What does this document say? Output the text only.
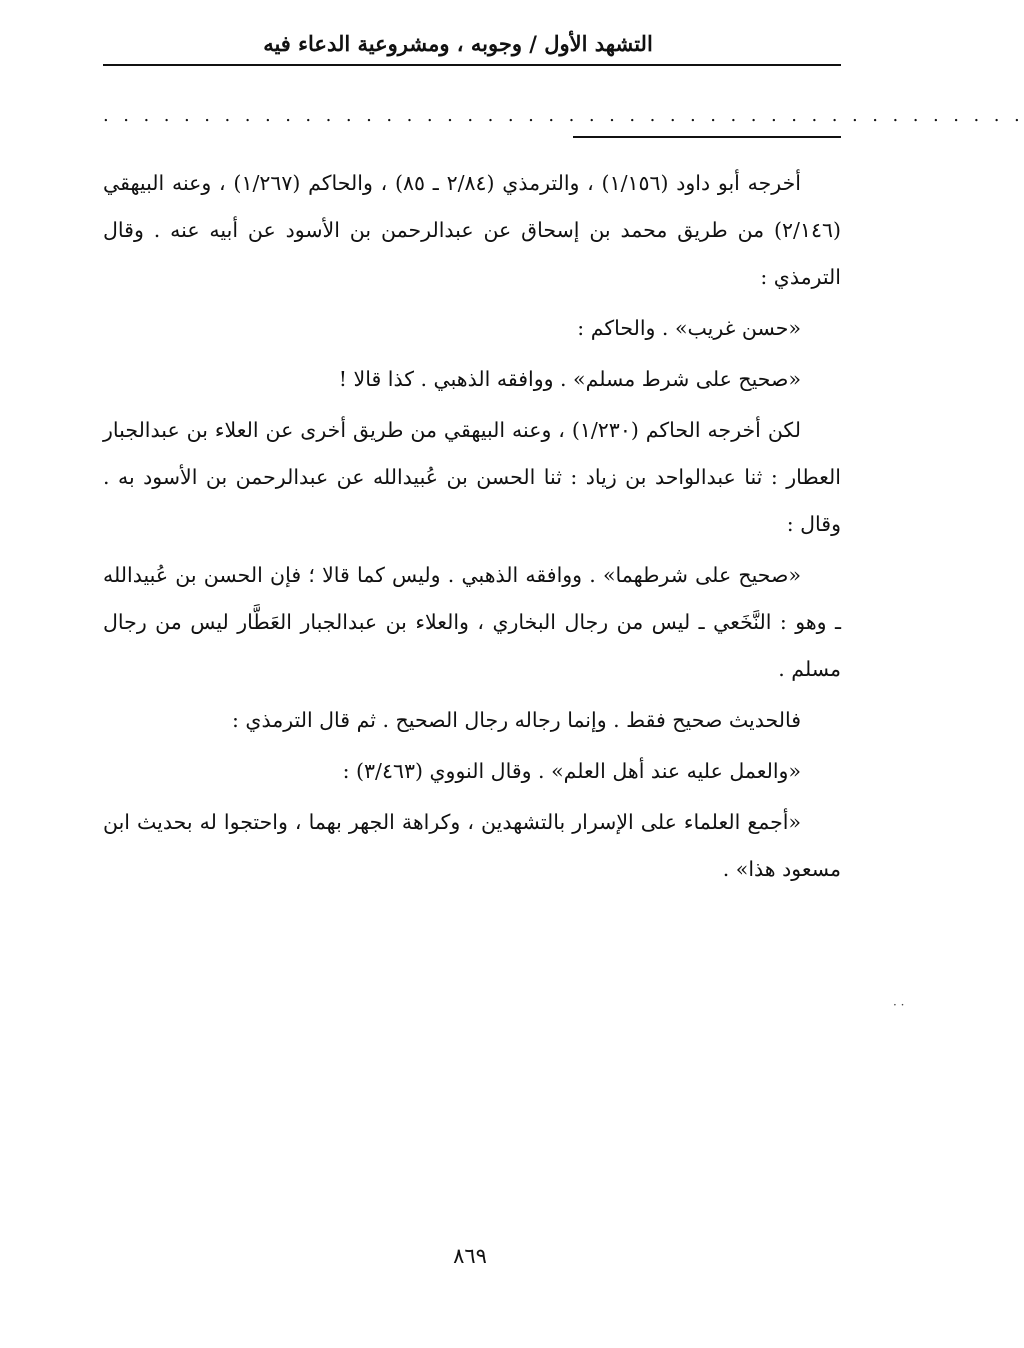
التشهد الأول / وجوبه ، ومشروعية الدعاء فيه
. . . . . . . . . . . . . . . . . . . . . . . . . . . . . . . . . . . . . . . . . . . . . .

أخرجه أبو داود (١/١٥٦) ، والترمذي (٢/٨٤ ـ ٨٥) ، والحاكم (١/٢٦٧) ، وعنه البيهقي (٢/١٤٦) من طريق محمد بن إسحاق عن عبدالرحمن بن الأسود عن أبيه عنه . وقال الترمذي :

«حسن غريب» . والحاكم :

«صحيح على شرط مسلم» . ووافقه الذهبي . كذا قالا !

لكن أخرجه الحاكم (١/٢٣٠) ، وعنه البيهقي من طريق أخرى عن العلاء بن عبدالجبار العطار : ثنا عبدالواحد بن زياد : ثنا الحسن بن عُبيدالله عن عبدالرحمن بن الأسود به . وقال :

«صحيح على شرطهما» . ووافقه الذهبي . وليس كما قالا ؛ فإن الحسن بن عُبيدالله ـ وهو : النَّخَعي ـ ليس من رجال البخاري ، والعلاء بن عبدالجبار العَطَّار ليس من رجال مسلم .

فالحديث صحيح فقط . وإنما رجاله رجال الصحيح . ثم قال الترمذي :

«والعمل عليه عند أهل العلم» . وقال النووي (٣/٤٦٣) :

«أجمع العلماء على الإسرار بالتشهدين ، وكراهة الجهر بهما ، واحتجوا له بحديث ابن مسعود هذا» .

· ·
٨٦٩
